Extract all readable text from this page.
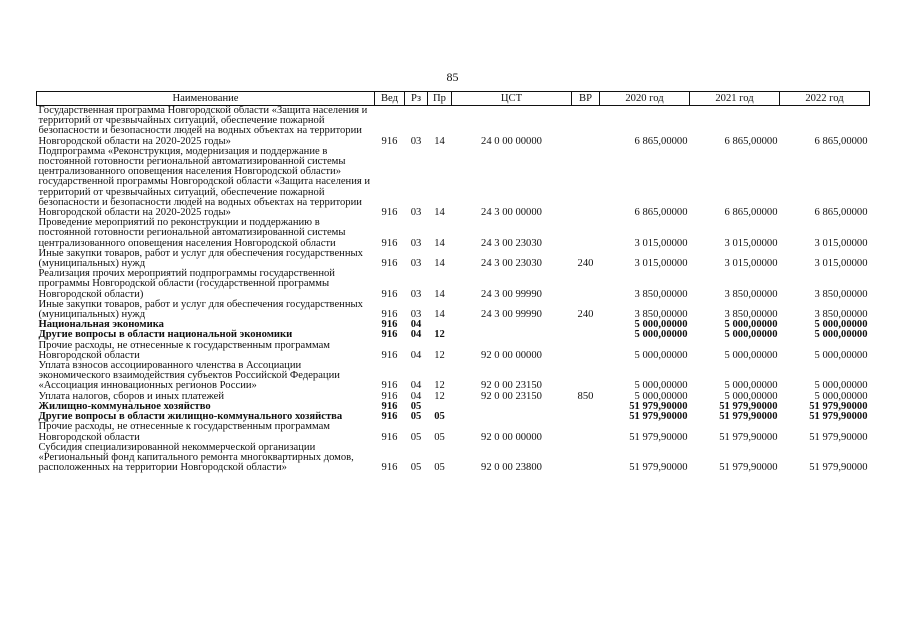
85
Наименование	Вед	Рз	Пр	ЦСТ	ВР	2020 год	2021 год	2022 год
Государственная программа Новгородской области «Защита населения и территорий от чрезвычайных ситуаций, обеспечение пожарной безопасности и безопасности людей на водных объектах на территории Новгородской области на 2020-2025 годы»	916	03	14	24 0 00 00000		6 865,00000	6 865,00000	6 865,00000
Подпрограмма «Реконструкция, модернизация и поддержание в постоянной готовности региональной автоматизированной системы централизованного оповещения населения Новгородской области» государственной программы Новгородской области «Защита населения и территорий от чрезвычайных ситуаций, обеспечение пожарной безопасности и безопасности людей на водных объектах на территории Новгородской области на 2020-2025 годы»	916	03	14	24 3 00 00000		6 865,00000	6 865,00000	6 865,00000
Проведение мероприятий по реконструкции и поддержанию в постоянной готовности региональной автоматизированной системы централизованного оповещения населения Новгородской области	916	03	14	24 3 00 23030		3 015,00000	3 015,00000	3 015,00000
Иные закупки товаров, работ и услуг для обеспечения государственных (муниципальных) нужд	916	03	14	24 3 00 23030	240	3 015,00000	3 015,00000	3 015,00000
Реализация прочих мероприятий подпрограммы государственной программы Новгородской области (государственной программы Новгородской области)	916	03	14	24 3 00 99990		3 850,00000	3 850,00000	3 850,00000
Иные закупки товаров, работ и услуг для обеспечения государственных (муниципальных) нужд	916	03	14	24 3 00 99990	240	3 850,00000	3 850,00000	3 850,00000
Национальная экономика	916	04				5 000,00000	5 000,00000	5 000,00000
Другие вопросы в области национальной экономики	916	04	12			5 000,00000	5 000,00000	5 000,00000
Прочие расходы, не отнесенные к государственным программам Новгородской области	916	04	12	92 0 00 00000		5 000,00000	5 000,00000	5 000,00000
Уплата взносов ассоциированного членства в Ассоциации экономического взаимодействия субъектов Российской Федерации «Ассоциация инновационных регионов России»	916	04	12	92 0 00 23150		5 000,00000	5 000,00000	5 000,00000
Уплата налогов, сборов и иных платежей	916	04	12	92 0 00 23150	850	5 000,00000	5 000,00000	5 000,00000
Жилищно-коммунальное хозяйство	916	05				51 979,90000	51 979,90000	51 979,90000
Другие вопросы в области жилищно-коммунального хозяйства	916	05	05			51 979,90000	51 979,90000	51 979,90000
Прочие расходы, не отнесенные к государственным программам Новгородской области	916	05	05	92 0 00 00000		51 979,90000	51 979,90000	51 979,90000
Субсидия специализированной некоммерческой организации «Региональный фонд капитального ремонта многоквартирных домов, расположенных на территории Новгородской области»	916	05	05	92 0 00 23800		51 979,90000	51 979,90000	51 979,90000
